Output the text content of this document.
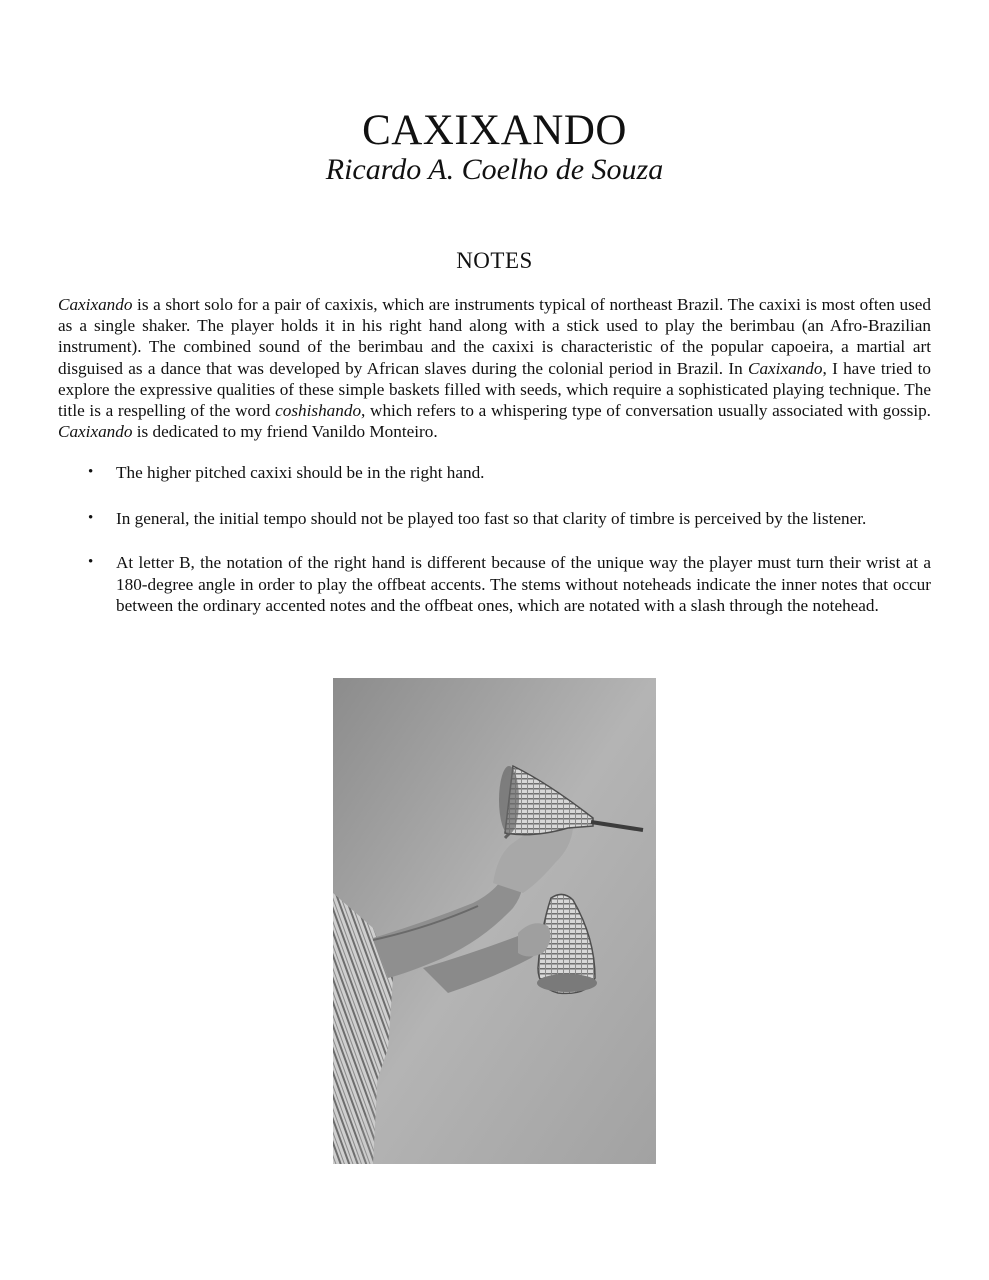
CAXIXANDO
Ricardo A. Coelho de Souza
NOTES

Caxixando is a short solo for a pair of caxixis, which are instruments typical of northeast Brazil. The caxixi is most often used as a single shaker. The player holds it in his right hand along with a stick used to play the berimbau (an Afro-Brazilian instrument). The combined sound of the berimbau and the caxixi is characteristic of the popular capoeira, a martial art disguised as a dance that was developed by African slaves during the colonial period in Brazil. In Caxixando, I have tried to explore the expressive qualities of these simple baskets filled with seeds, which require a sophisticated playing technique. The title is a respelling of the word coshishando, which refers to a whispering type of conversation usually associated with gossip. Caxixando is dedicated to my friend Vanildo Monteiro.

• The higher pitched caxixi should be in the right hand.
• In general, the initial tempo should not be played too fast so that clarity of timbre is perceived by the listener.
• At letter B, the notation of the right hand is different because of the unique way the player must turn their wrist at a 180-degree angle in order to play the offbeat accents. The stems without noteheads indicate the inner notes that occur between the ordinary accented notes and the offbeat ones, which are notated with a slash through the notehead.
